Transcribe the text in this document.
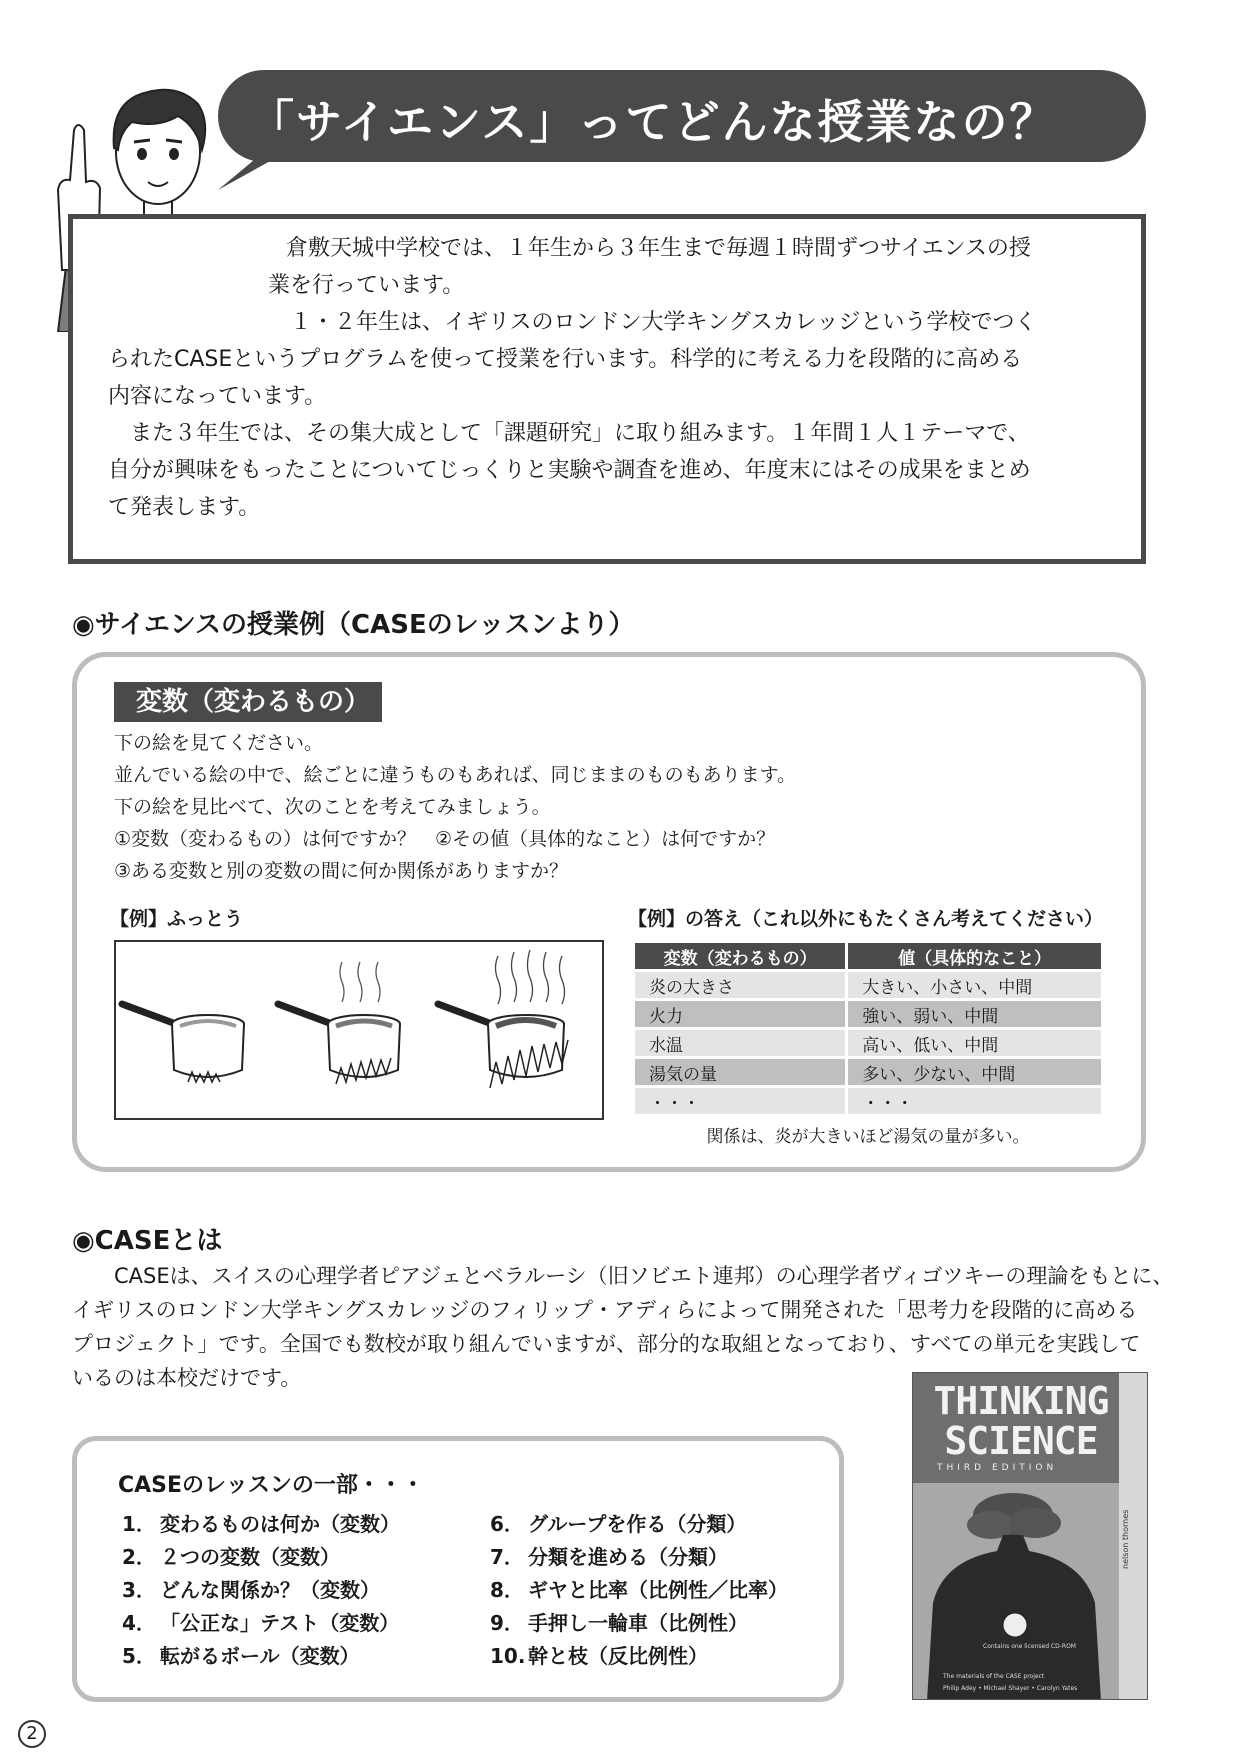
「サイエンス」ってどんな授業なの？
倉敷天城中学校では、１年生から３年生まで毎週１時間ずつサイエンスの授
業を行っています。
１・２年生は、イギリスのロンドン大学キングスカレッジという学校でつく
られたCASEというプログラムを使って授業を行います。科学的に考える力を段階的に高める
内容になっています。
また３年生では、その集大成として「課題研究」に取り組みます。１年間１人１テーマで、
自分が興味をもったことについてじっくりと実験や調査を進め、年度末にはその成果をまとめ
て発表します。
◉サイエンスの授業例（CASEのレッスンより）
変数（変わるもの）
下の絵を見てください。
並んでいる絵の中で、絵ごとに違うものもあれば、同じままのものもあります。
下の絵を見比べて、次のことを考えてみましょう。
①変数（変わるもの）は何ですか？　②その値（具体的なこと）は何ですか？
③ある変数と別の変数の間に何か関係がありますか？
【例】ふっとう	【例】の答え（これ以外にもたくさん考えてください）
変数（変わるもの）	値（具体的なこと）
炎の大きさ	大きい、小さい、中間
火力	強い、弱い、中間
水温	高い、低い、中間
湯気の量	多い、少ない、中間
・・・	・・・
関係は、炎が大きいほど湯気の量が多い。
◉CASEとは
CASEは、スイスの心理学者ピアジェとベラルーシ（旧ソビエト連邦）の心理学者ヴィゴツキーの理論をもとに、
イギリスのロンドン大学キングスカレッジのフィリップ・アディらによって開発された「思考力を段階的に高める
プロジェクト」です。全国でも数校が取り組んでいますが、部分的な取組となっており、すべての単元を実践して
いるのは本校だけです。
CASEのレッスンの一部・・・
1． 変わるものは何か（変数）
2． ２つの変数（変数）
3． どんな関係か？（変数）
4． 「公正な」テスト（変数）
5． 転がるボール（変数）
6． グループを作る（分類）
7． 分類を進める（分類）
8． ギヤと比率（比例性／比率）
9． 手押し一輪車（比例性）
10. 幹と枝（反比例性）
THINKING
SCIENCE
THIRD EDITION
Contains one licensed CD-ROM
The materials of the CASE project
Philip Adey • Michael Shayer • Carolyn Yates
nelson thornes
2
